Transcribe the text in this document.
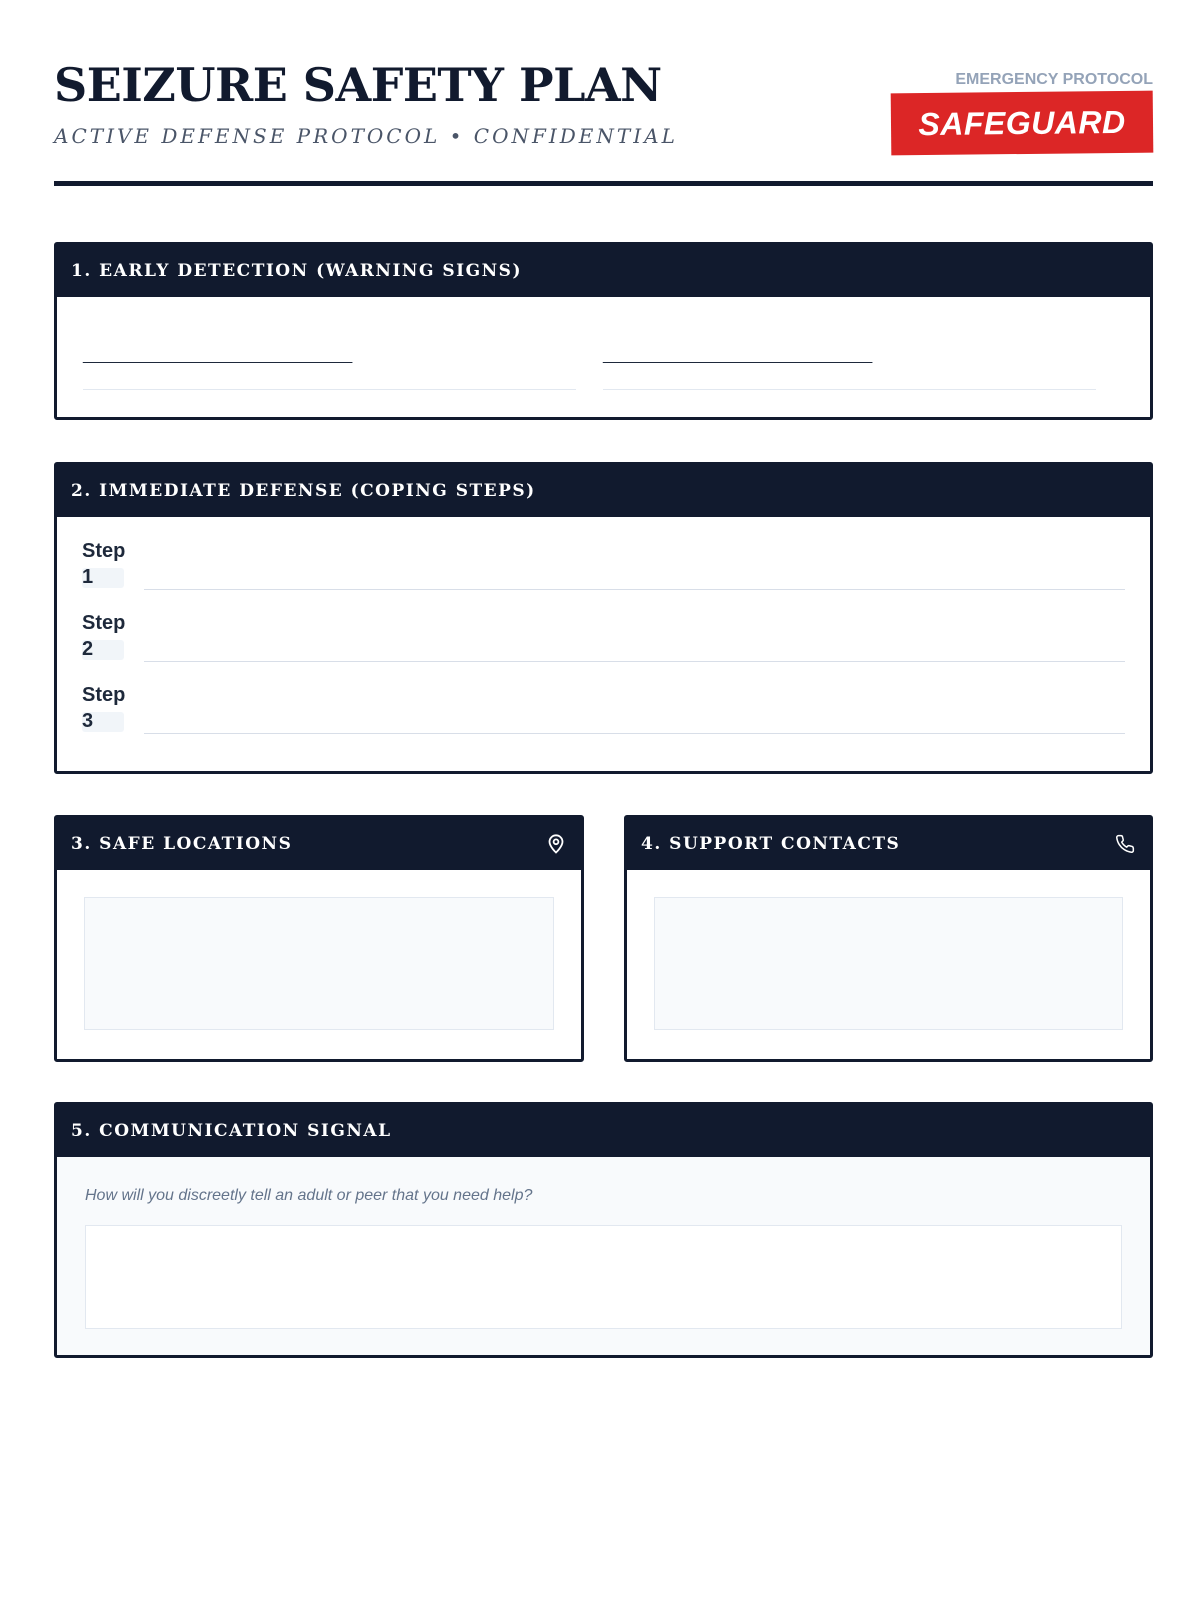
SEIZURE SAFETY PLAN
ACTIVE DEFENSE PROTOCOL • CONFIDENTIAL
EMERGENCY PROTOCOL
SAFEGUARD
1. EARLY DETECTION (WARNING SIGNS)
________________________________	________________________________
2. IMMEDIATE DEFENSE (COPING STEPS)
Step 1
Step 2
Step 3
3. SAFE LOCATIONS	4. SUPPORT CONTACTS
5. COMMUNICATION SIGNAL
How will you discreetly tell an adult or peer that you need help?
